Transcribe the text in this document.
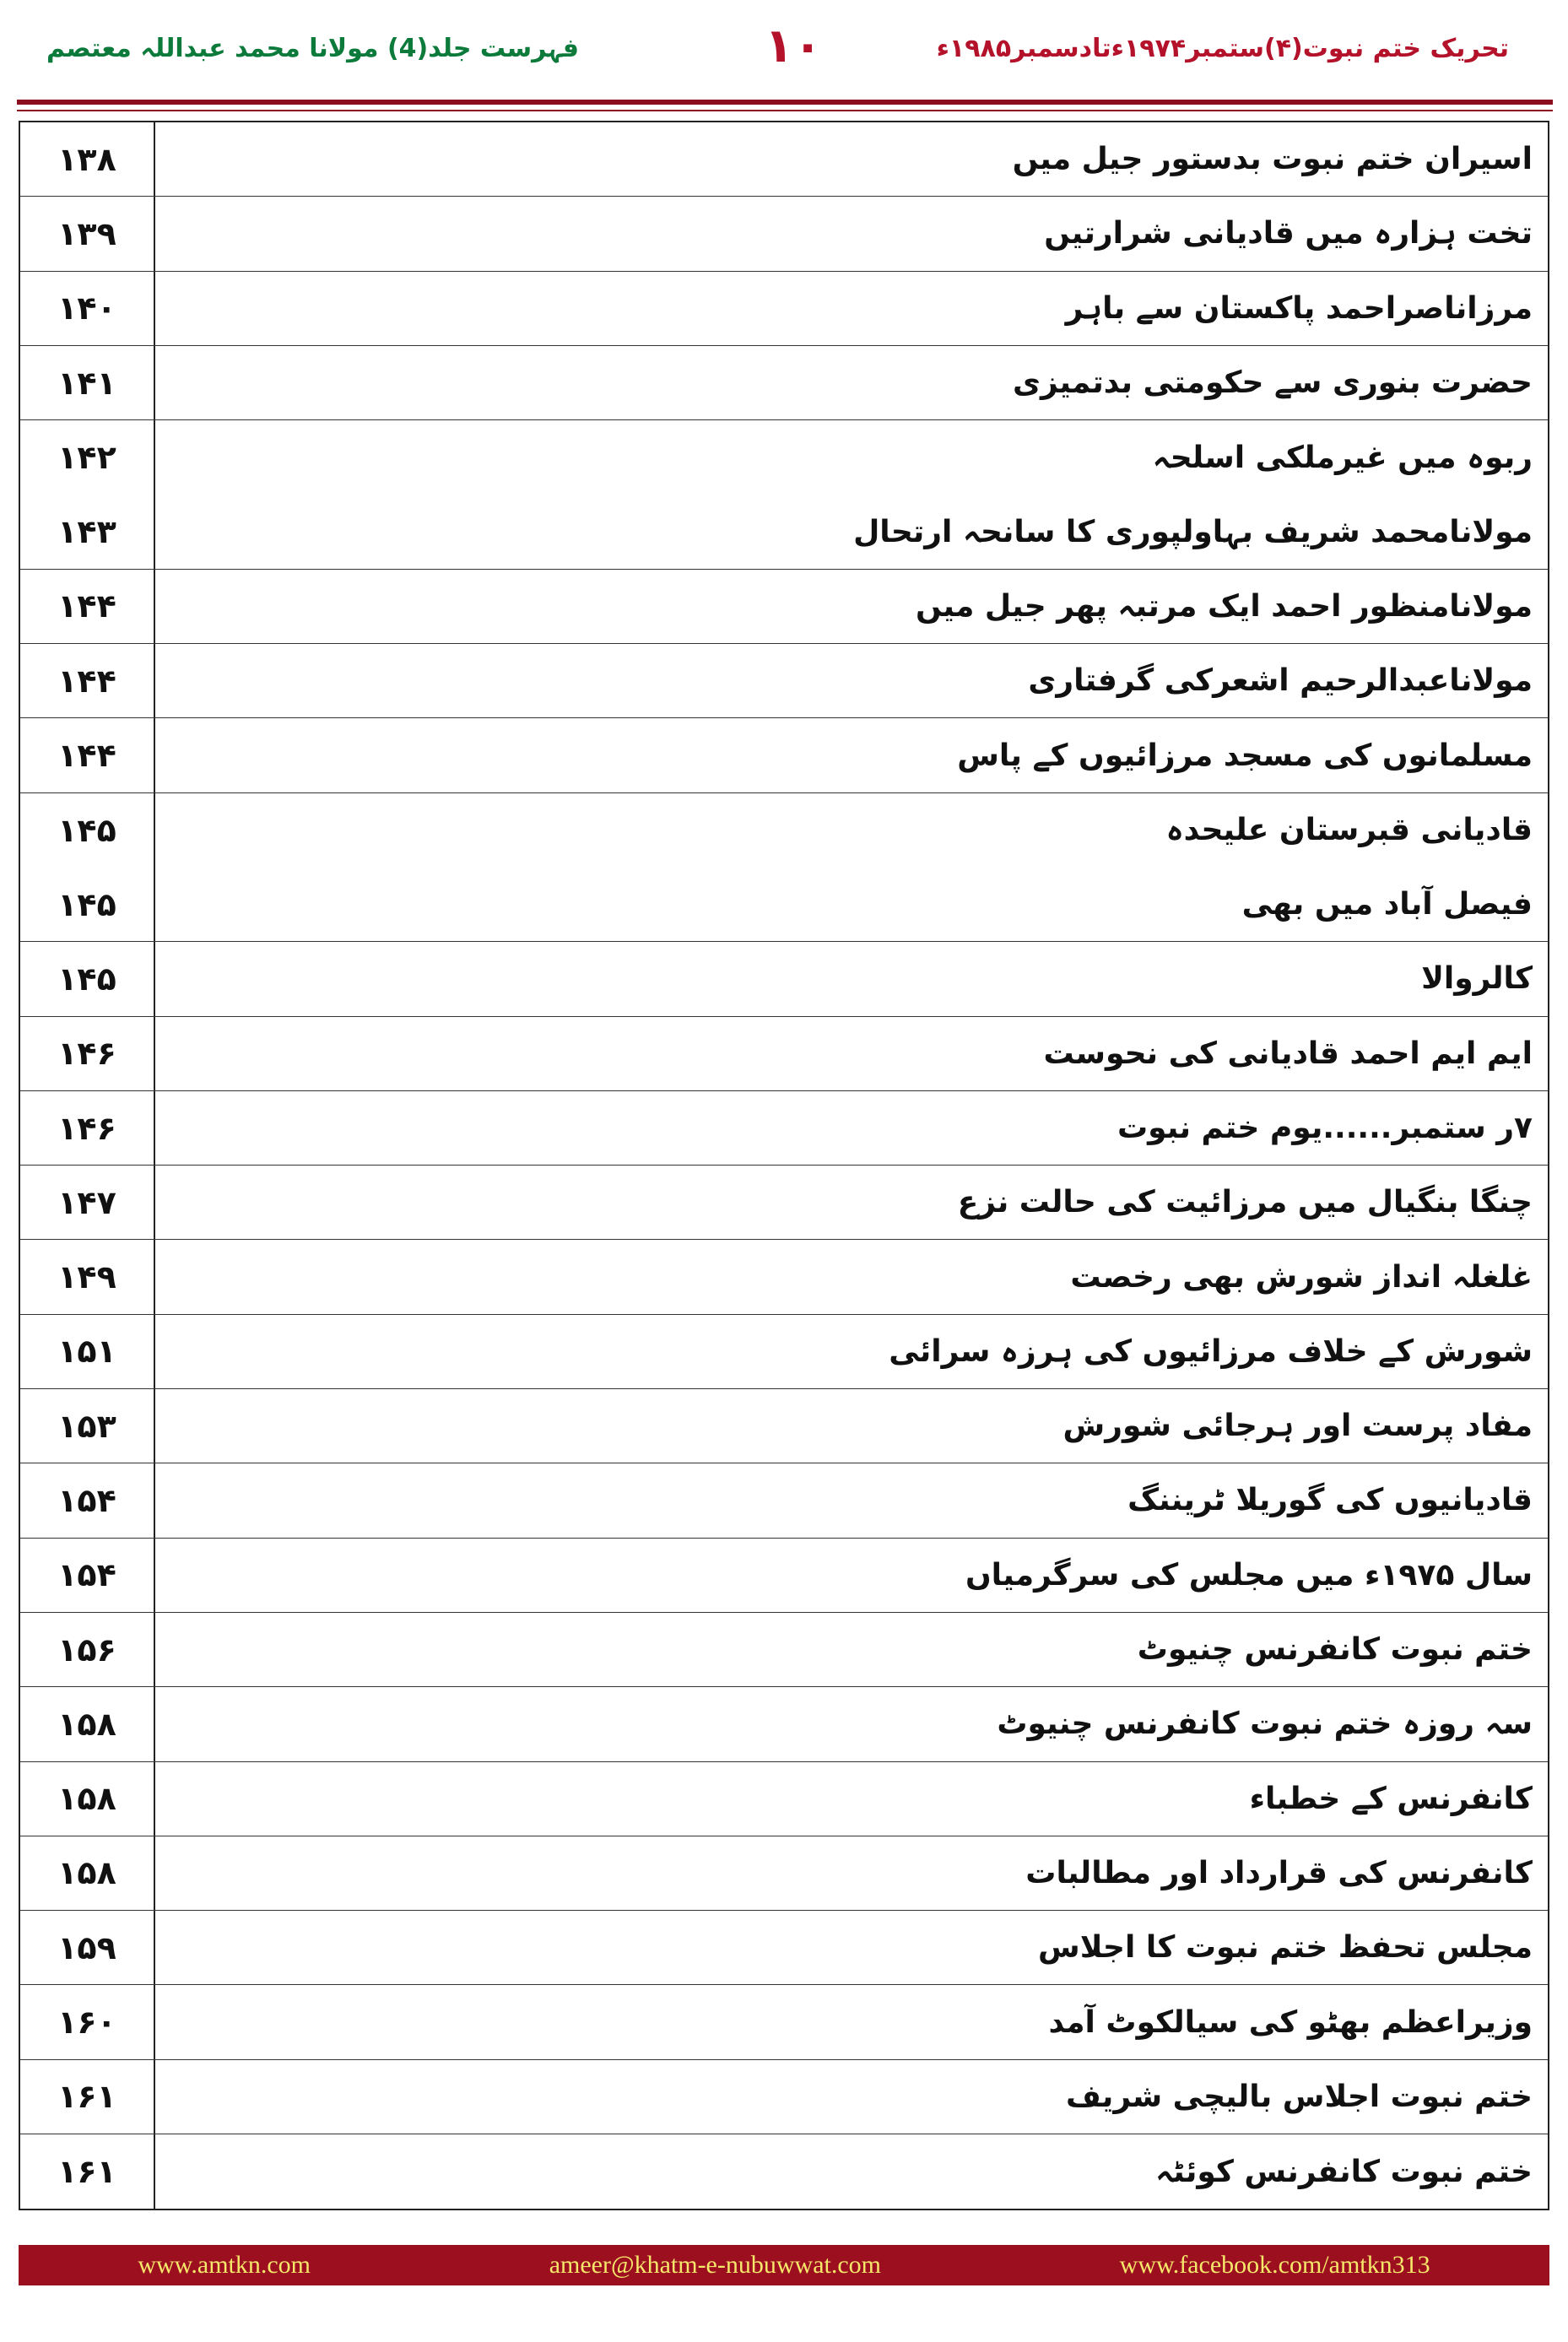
تحریک ختم نبوت(۴)ستمبر۱۹۷۴ءتادسمبر۱۹۸۵ء
۱۰
فہرست جلد(4) مولانا محمد عبداللہ معتصم
۱۳۸	اسیران ختم نبوت بدستور جیل میں
۱۳۹	تخت ہزارہ میں قادیانی شرارتیں
۱۴۰	مرزاناصراحمد پاکستان سے باہر
۱۴۱	حضرت بنوری سے حکومتی بدتمیزی
۱۴۲	ربوہ میں غیرملکی اسلحہ
۱۴۳	مولانامحمد شریف بہاولپوری کا سانحہ ارتحال
۱۴۴	مولانامنظور احمد ایک مرتبہ پھر جیل میں
۱۴۴	مولاناعبدالرحیم اشعرکی گرفتاری
۱۴۴	مسلمانوں کی مسجد مرزائیوں کے پاس
۱۴۵	قادیانی قبرستان علیحدہ
۱۴۵	فیصل آباد میں بھی
۱۴۵	کالروالا
۱۴۶	ایم ایم احمد قادیانی کی نحوست
۱۴۶	۷ر ستمبر......یوم ختم نبوت
۱۴۷	چنگا بنگیال میں مرزائیت کی حالت نزع
۱۴۹	غلغلہ انداز شورش بھی رخصت
۱۵۱	شورش کے خلاف مرزائیوں کی ہرزہ سرائی
۱۵۳	مفاد پرست اور ہرجائی شورش
۱۵۴	قادیانیوں کی گوریلا ٹریننگ
۱۵۴	سال ۱۹۷۵ء میں مجلس کی سرگرمیاں
۱۵۶	ختم نبوت کانفرنس چنیوٹ
۱۵۸	سہ روزہ ختم نبوت کانفرنس چنیوٹ
۱۵۸	کانفرنس کے خطباء
۱۵۸	کانفرنس کی قرارداد اور مطالبات
۱۵۹	مجلس تحفظ ختم نبوت کا اجلاس
۱۶۰	وزیراعظم بھٹو کی سیالکوٹ آمد
۱۶۱	ختم نبوت اجلاس بالیچی شریف
۱۶۱	ختم نبوت کانفرنس کوئٹہ
www.amtkn.com	ameer@khatm-e-nubuwwat.com	www.facebook.com/amtkn313
